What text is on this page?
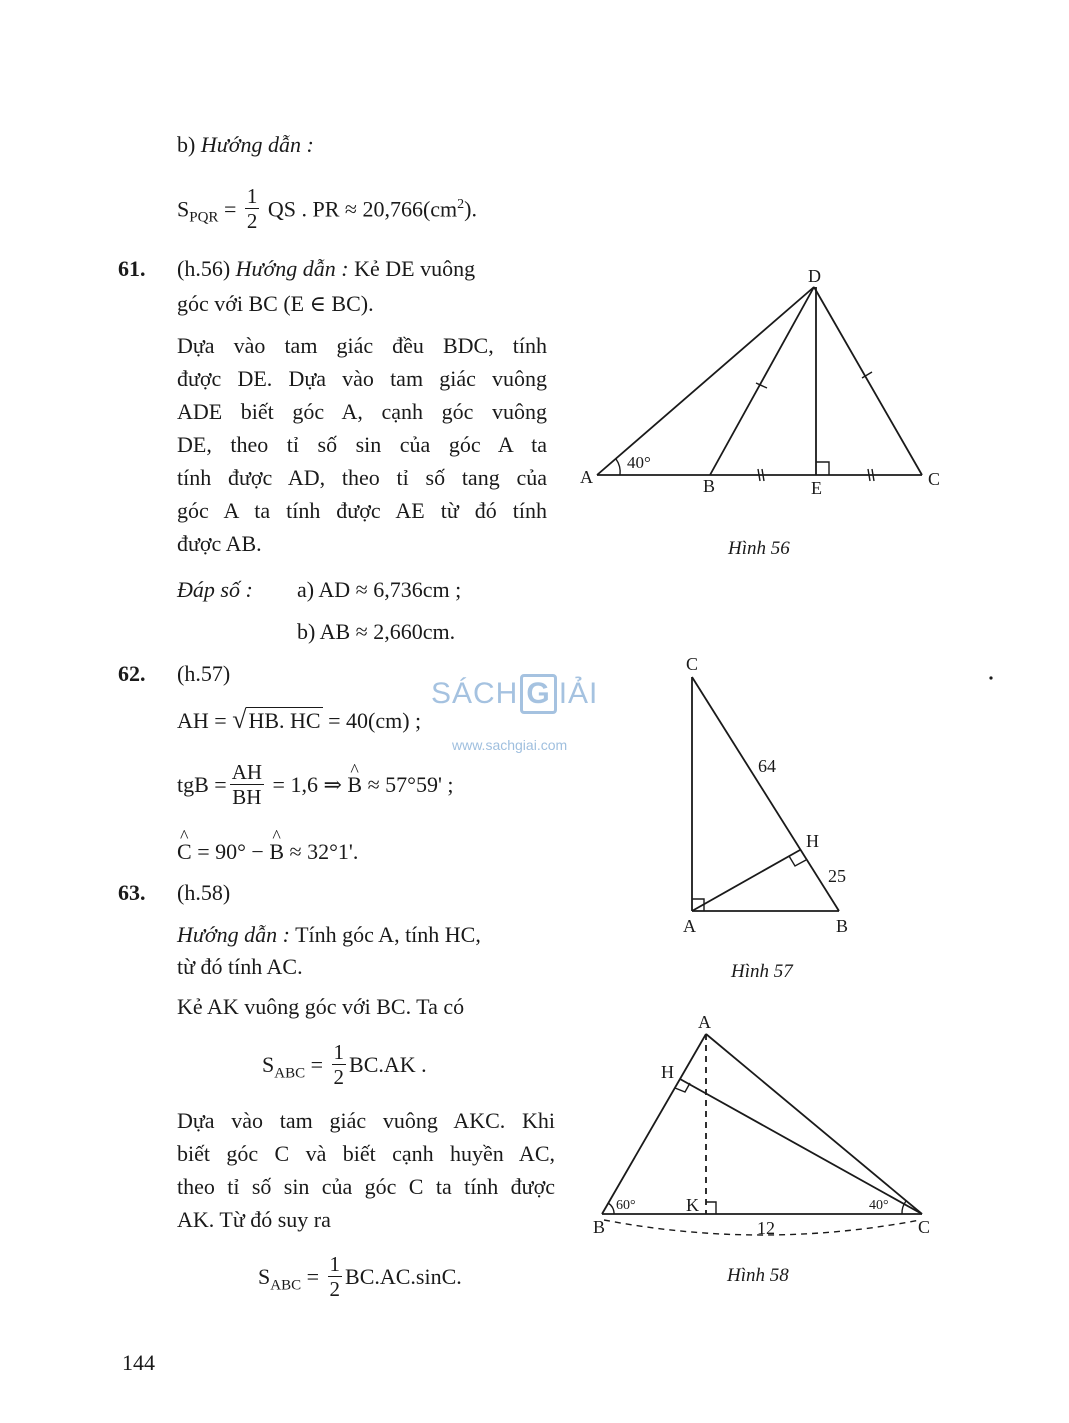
b) Hướng dẫn :
$S_{PQR} = \frac{1}{2}$ QS . PR ≈ $20,766(cm^2)$.
61. (h.56) Hướng dẫn : Kẻ DE vuông
góc với BC (E ∈ BC).
Dựa vào tam giác đều BDC, tính
được DE. Dựa vào tam giác vuông
ADE biết góc A, cạnh góc vuông
DE, theo tỉ số sin của góc A ta
tính được AD, theo tỉ số tang của
góc A ta tính được AE từ đó tính
được AB.
Đáp số : a) AD ≈ 6,736cm ;
b) AB ≈ 2,660cm.
62. (h.57)
AH = √HB. HC = 40(cm) ;
tgB = $\frac{AH}{BH} = 1,6$ ⇒ ^ B ≈ 57°59' ;
^ C = 90° − ^ B ≈ 32°1'.
63. (h.58)
Hướng dẫn : Tính góc A, tính HC,
từ đó tính AC.
Kẻ AK vuông góc với BC. Ta có
$S_{ABC} = \frac{1}{2} BC.AK$ .
Dựa vào tam giác vuông AKC. Khi
biết góc C và biết cạnh huyền AC,
theo tỉ số sin của góc C ta tính được
AK. Từ đó suy ra
$S_{ABC} = \frac{1}{2} BC.AC.\sin C$.
D
A	B	E	C
40°
C
H
A	B
64
25
A
H
K
B	C
60°	40°
12
Hình 56
Hình 57
Hình 58
SÁCH G IẢI
www.sachgiai.com
144
